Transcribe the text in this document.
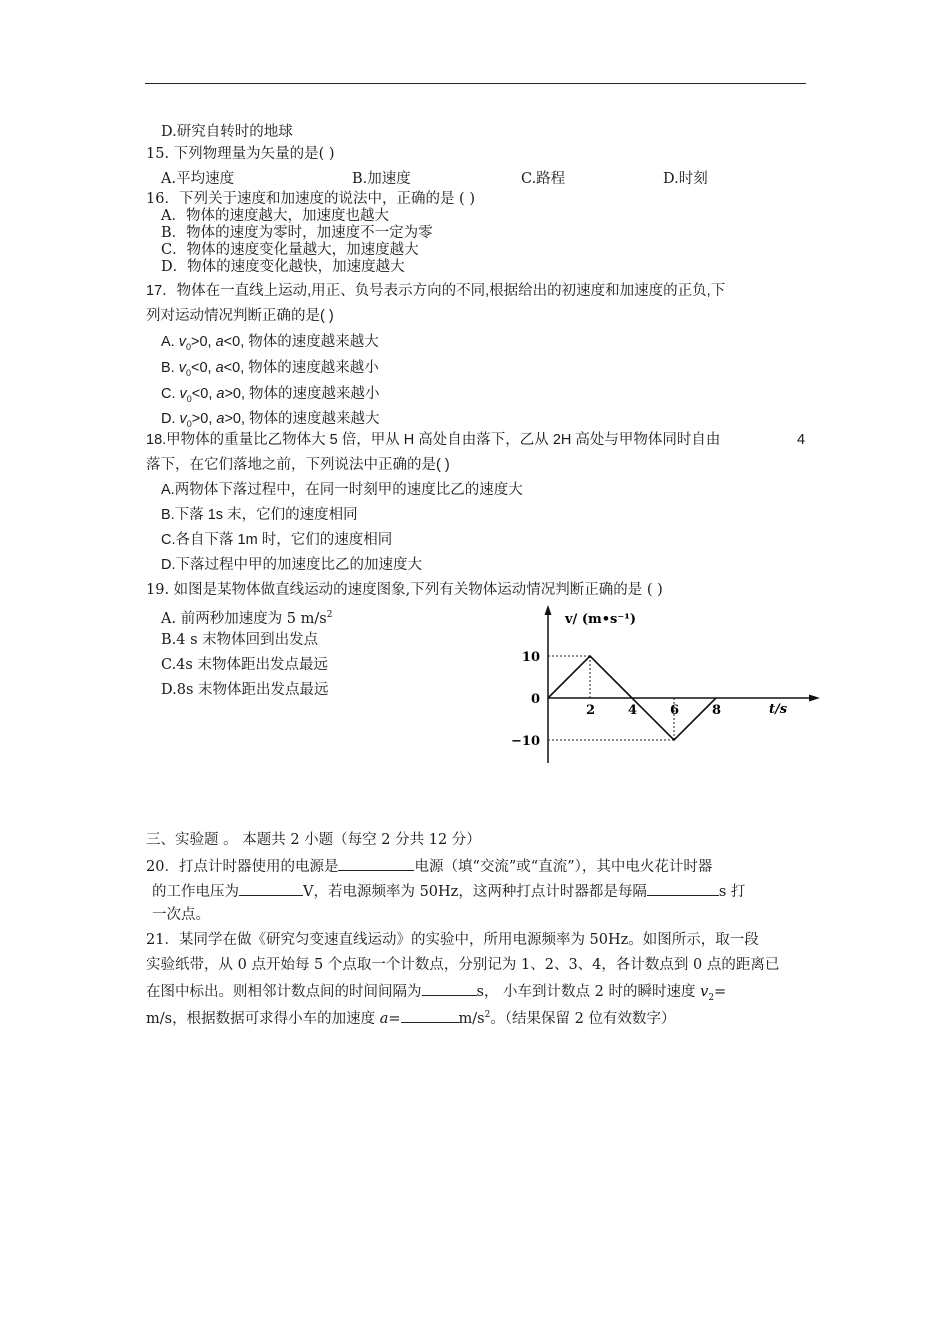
D.研究自转时的地球
15. 下列物理量为矢量的是( )
A.平均速度	B.加速度	C.路程	D.时刻
16．下列关于速度和加速度的说法中，正确的是 ( )
A．物体的速度越大，加速度也越大
B．物体的速度为零时，加速度不一定为零
C．物体的速度变化量越大，加速度越大
D．物体的速度变化越快，加速度越大
17．物体在一直线上运动,用正、负号表示方向的不同,根据给出的初速度和加速度的正负,下
列对运动情况判断正确的是( )
A. $v_0>0$, a<0, 物体的速度越来越大
B. $v_0<0$, a<0, 物体的速度越来越小
C. $v_0<0$, a>0, 物体的速度越来越小
D. $v_0>0$, a>0, 物体的速度越来越大
18.甲物体的重量比乙物体大 5 倍，甲从 H 高处自由落下，乙从 2H 高处与甲物体同时自由	4
落下，在它们落地之前，下列说法中正确的是( )
A.两物体下落过程中，在同一时刻甲的速度比乙的速度大
B.下落 1s 末，它们的速度相同
C.各自下落 1m 时，它们的速度相同
D.下落过程中甲的加速度比乙的加速度大
19. 如图是某物体做直线运动的速度图象,下列有关物体运动情况判断正确的是 ( )
A. 前两秒加速度为 5 $m/s^2$
B.4 s 末物体回到出发点
C.4s 末物体距出发点最远
D.8s 末物体距出发点最远
v/ (m•s⁻¹)
t/s
2	4	6	8
10
0
−10
三、实验题 。 本题共 2 小题（每空 2 分共 12 分）
20．打点计时器使用的电源是	电源（填“交流”或“直流”），其中电火花计时器
的工作电压为	V，若电源频率为 50Hz，这两种打点计时器都是每隔	s 打
一次点。
21．某同学在做《研究匀变速直线运动》的实验中，所用电源频率为 50Hz。如图所示，取一段
实验纸带，从 0 点开始每 5 个点取一个计数点，分别记为 1、2、3、4，各计数点到 0 点的距离已
在图中标出。则相邻计数点间的时间间隔为	s， 小车到计数点 2 时的瞬时速度 $v_2=$
m/s，根据数据可求得小车的加速度 a=	$m/s^2$。（结果保留 2 位有效数字）
